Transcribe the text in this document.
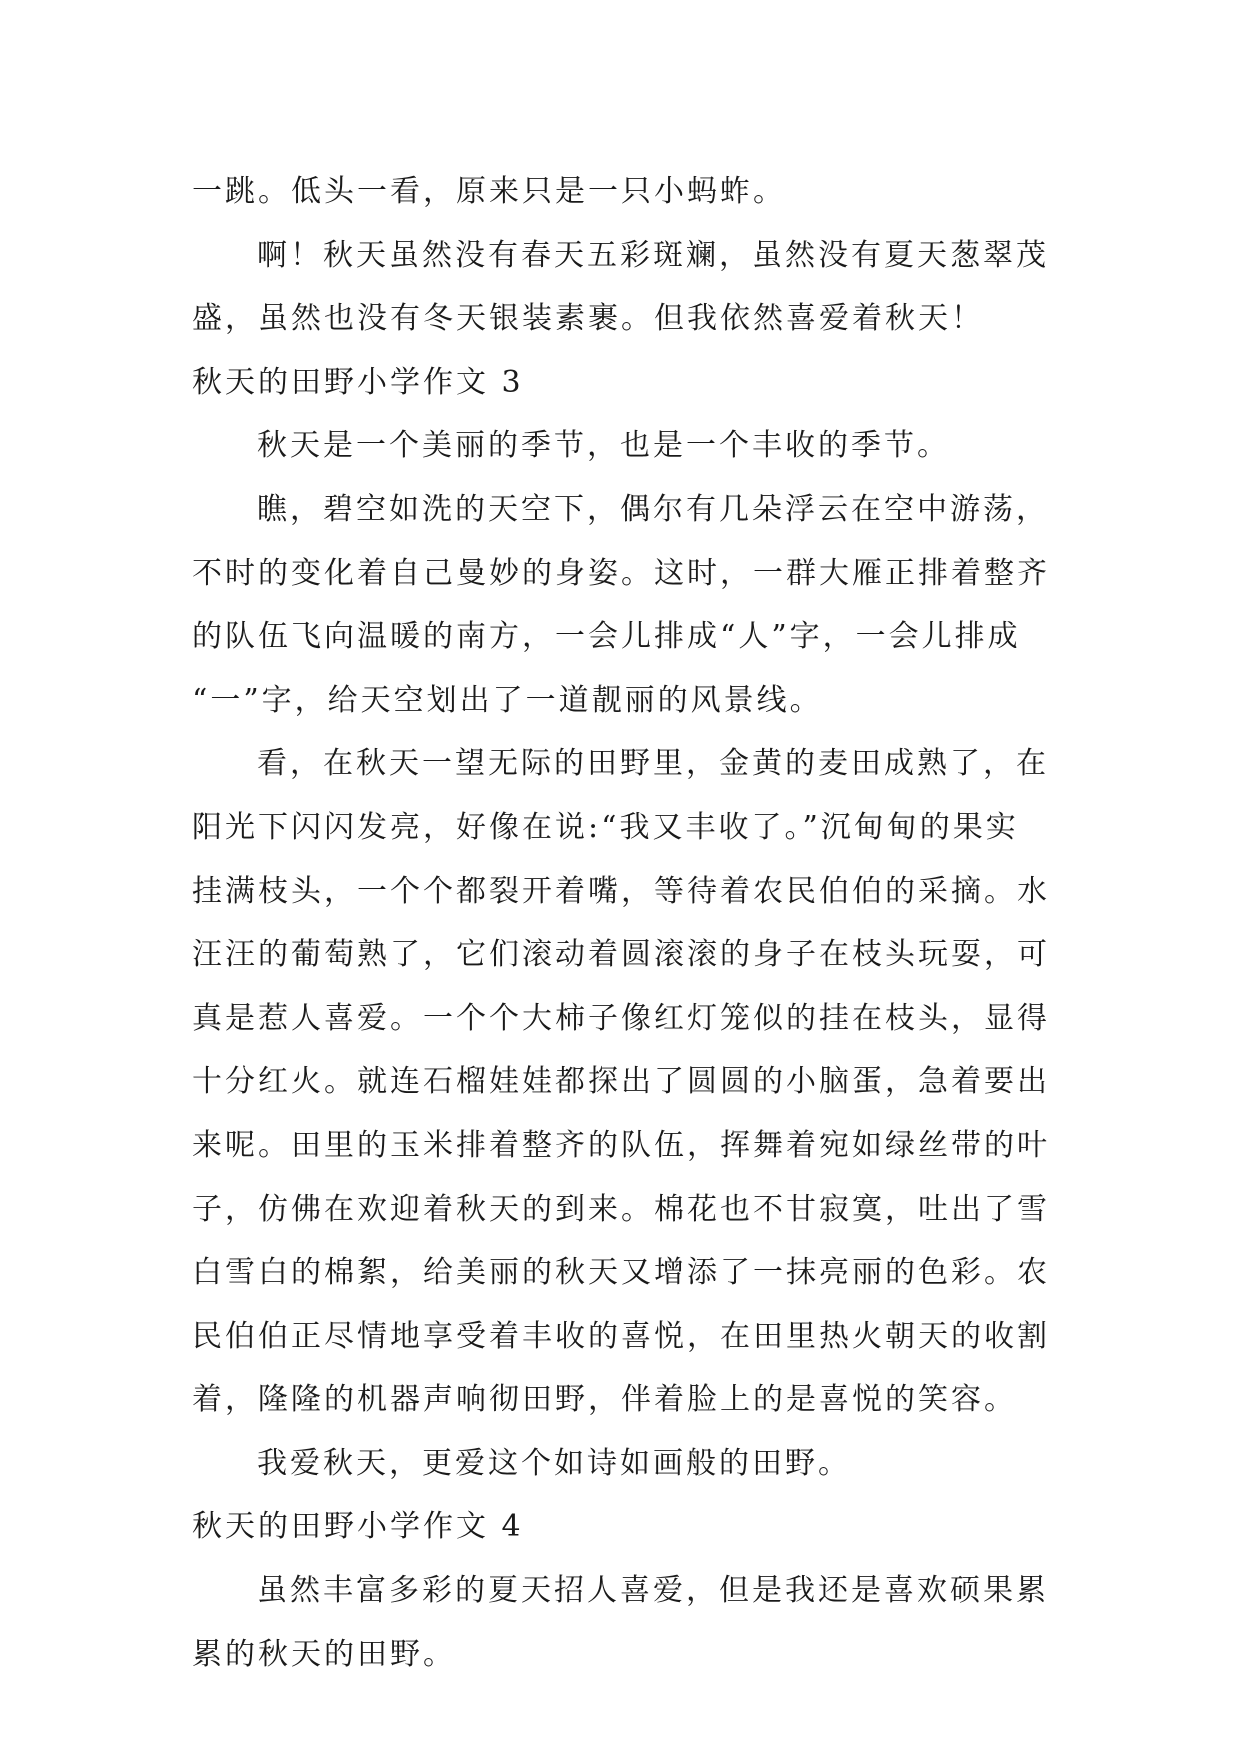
一跳。低头一看，原来只是一只小蚂蚱。
啊！秋天虽然没有春天五彩斑斓，虽然没有夏天葱翠茂
盛，虽然也没有冬天银装素裹。但我依然喜爱着秋天！
秋天的田野小学作文 3
秋天是一个美丽的季节，也是一个丰收的季节。
瞧，碧空如洗的天空下，偶尔有几朵浮云在空中游荡，
不时的变化着自己曼妙的身姿。这时，一群大雁正排着整齐
的队伍飞向温暖的南方，一会儿排成“人”字，一会儿排成
“一”字，给天空划出了一道靓丽的风景线。
看，在秋天一望无际的田野里，金黄的麦田成熟了，在
阳光下闪闪发亮，好像在说:“我又丰收了。”沉甸甸的果实
挂满枝头，一个个都裂开着嘴，等待着农民伯伯的采摘。水
汪汪的葡萄熟了，它们滚动着圆滚滚的身子在枝头玩耍，可
真是惹人喜爱。一个个大柿子像红灯笼似的挂在枝头，显得
十分红火。就连石榴娃娃都探出了圆圆的小脑蛋，急着要出
来呢。田里的玉米排着整齐的队伍，挥舞着宛如绿丝带的叶
子，仿佛在欢迎着秋天的到来。棉花也不甘寂寞，吐出了雪
白雪白的棉絮，给美丽的秋天又增添了一抹亮丽的色彩。农
民伯伯正尽情地享受着丰收的喜悦，在田里热火朝天的收割
着，隆隆的机器声响彻田野，伴着脸上的是喜悦的笑容。
我爱秋天，更爱这个如诗如画般的田野。
秋天的田野小学作文 4
虽然丰富多彩的夏天招人喜爱，但是我还是喜欢硕果累
累的秋天的田野。
